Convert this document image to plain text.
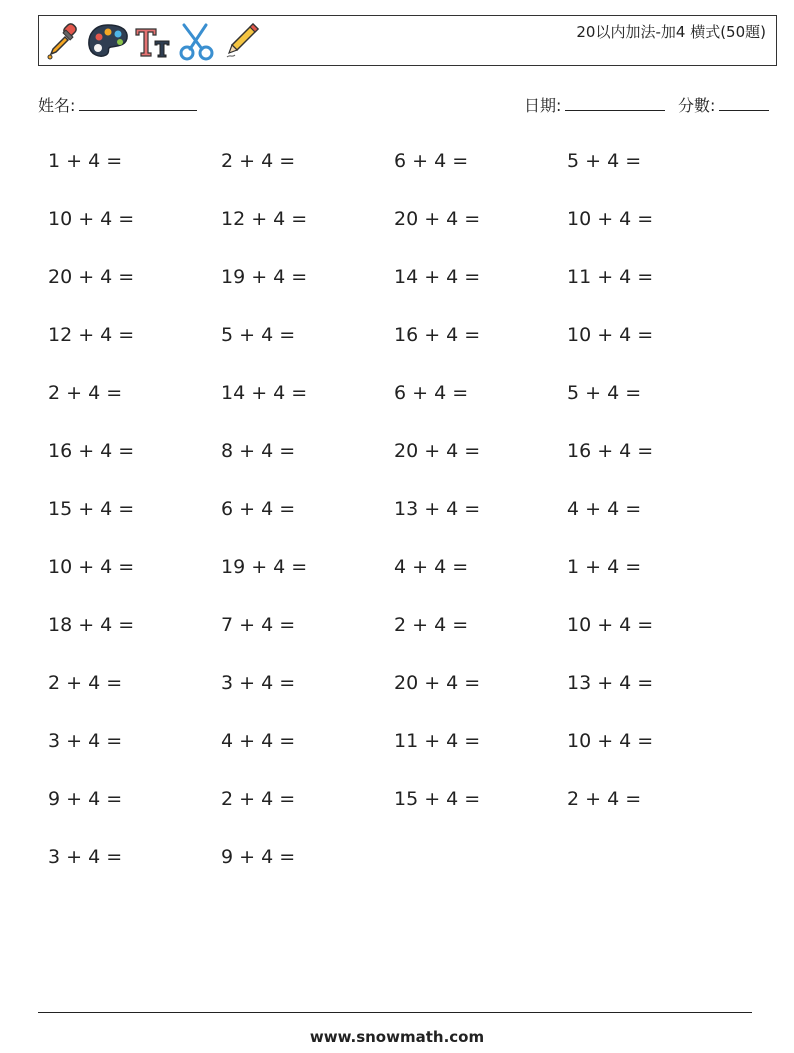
20以内加法-加4 横式(50題)
姓名:	日期:	分數:
1 + 4 =	2 + 4 =	6 + 4 =	5 + 4 =
10 + 4 =	12 + 4 =	20 + 4 =	10 + 4 =
20 + 4 =	19 + 4 =	14 + 4 =	11 + 4 =
12 + 4 =	5 + 4 =	16 + 4 =	10 + 4 =
2 + 4 =	14 + 4 =	6 + 4 =	5 + 4 =
16 + 4 =	8 + 4 =	20 + 4 =	16 + 4 =
15 + 4 =	6 + 4 =	13 + 4 =	4 + 4 =
10 + 4 =	19 + 4 =	4 + 4 =	1 + 4 =
18 + 4 =	7 + 4 =	2 + 4 =	10 + 4 =
2 + 4 =	3 + 4 =	20 + 4 =	13 + 4 =
3 + 4 =	4 + 4 =	11 + 4 =	10 + 4 =
9 + 4 =	2 + 4 =	15 + 4 =	2 + 4 =
3 + 4 =	9 + 4 =
www.snowmath.com
